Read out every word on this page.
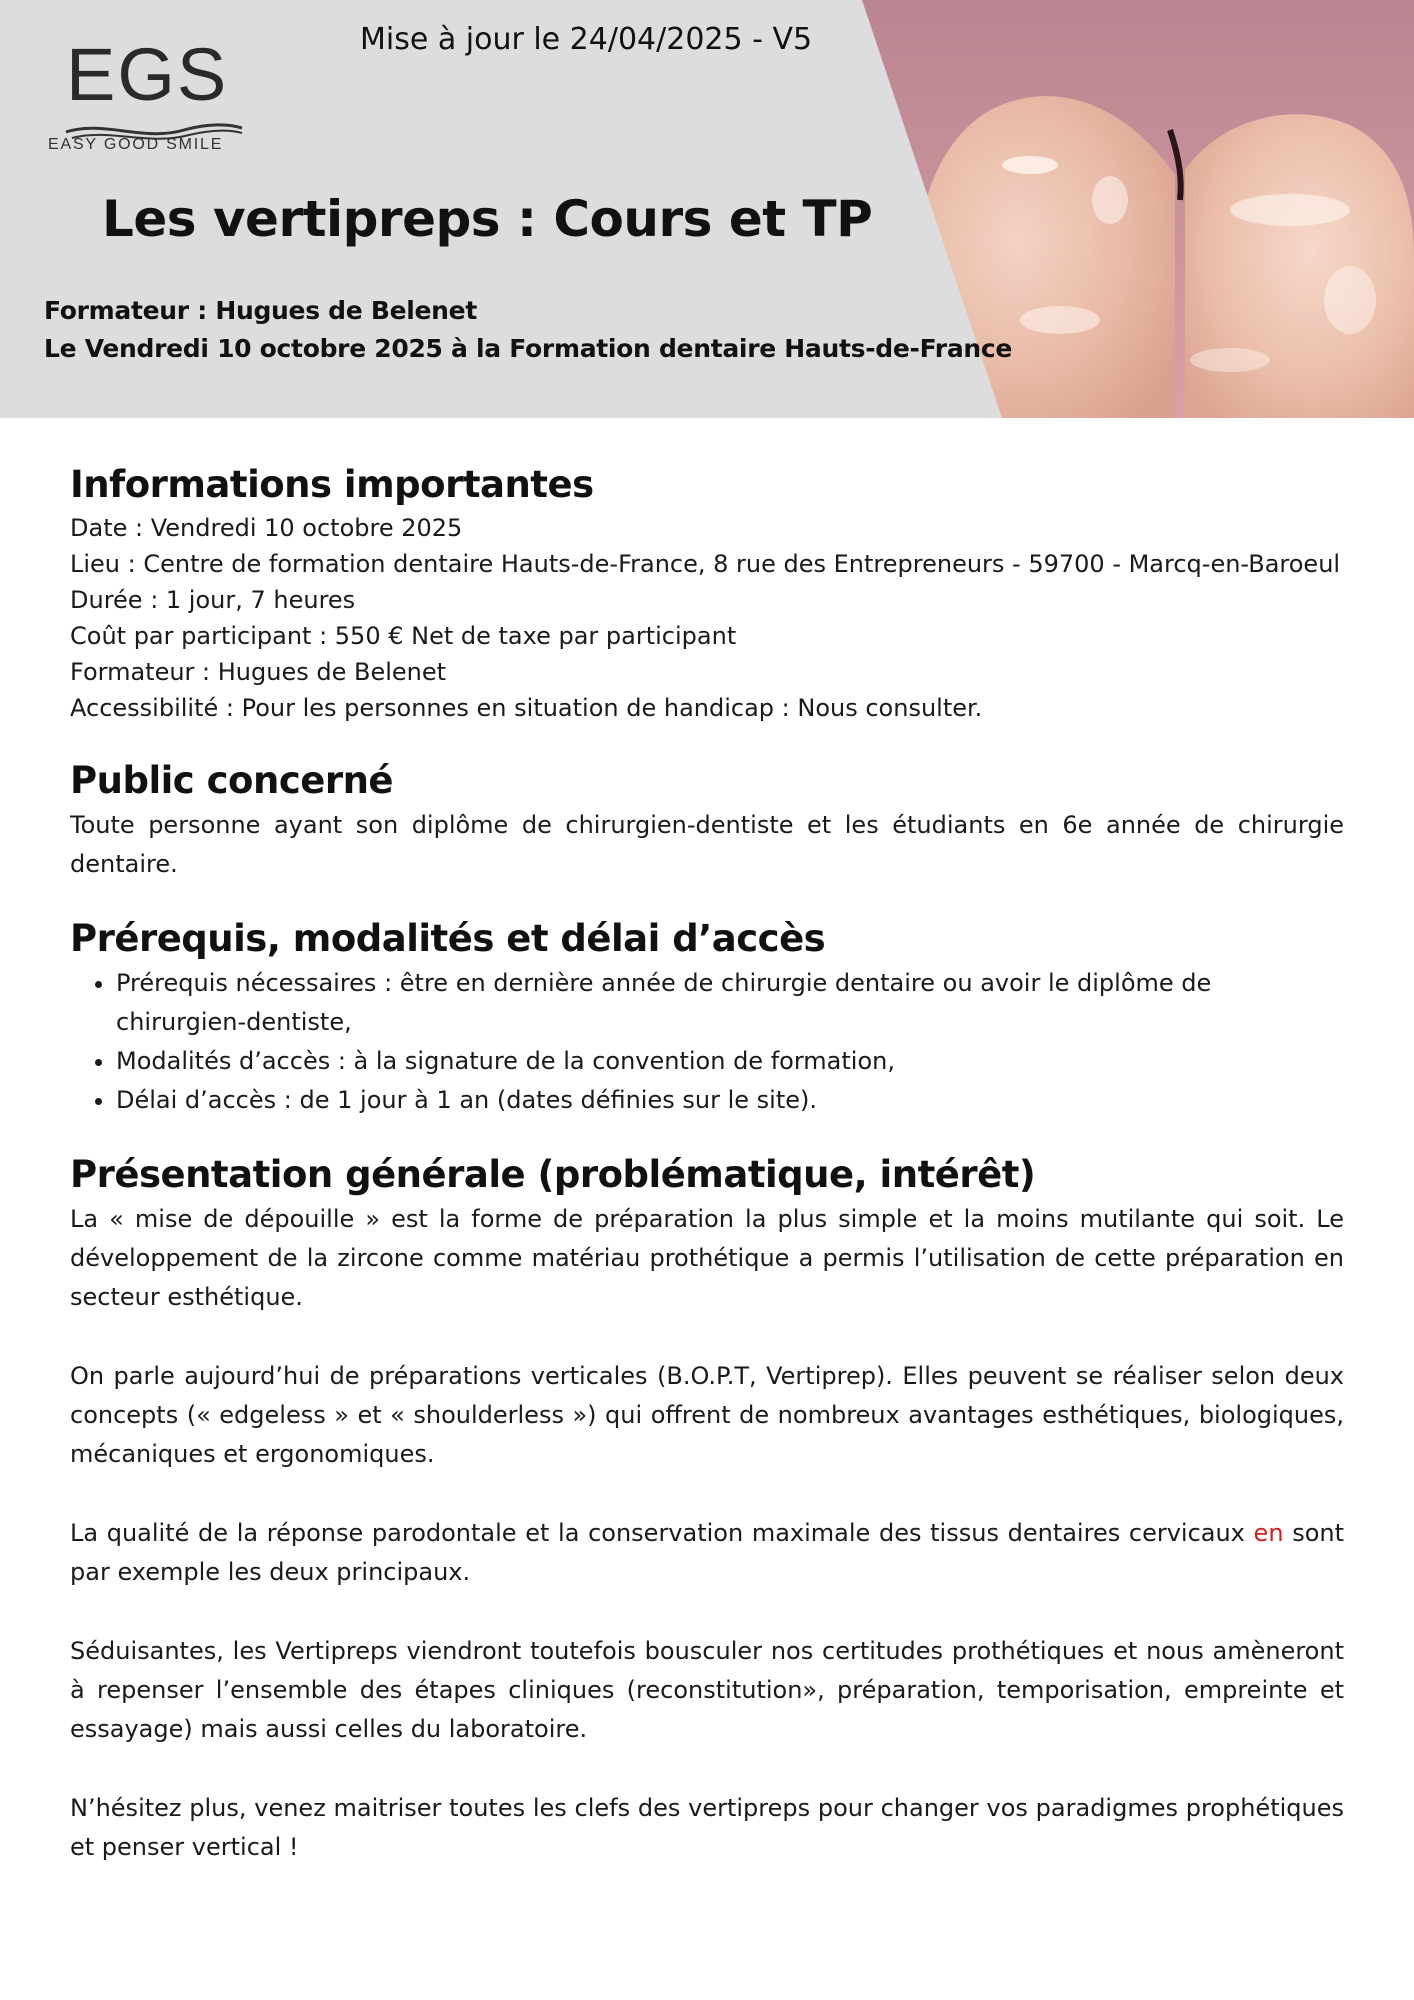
EGS
EASY GOOD SMILE
Mise à jour le 24/04/2025 - V5
Les vertipreps : Cours et TP
Formateur : Hugues de Belenet
Le Vendredi 10 octobre 2025 à la Formation dentaire Hauts-de-France
Informations importantes
Date : Vendredi 10 octobre 2025
Lieu : Centre de formation dentaire Hauts-de-France, 8 rue des Entrepreneurs - 59700 - Marcq-en-Baroeul
Durée : 1 jour, 7 heures
Coût par participant : 550 € Net de taxe par participant
Formateur : Hugues de Belenet
Accessibilité : Pour les personnes en situation de handicap : Nous consulter.
Public concerné

Toute personne ayant son diplôme de chirurgien-dentiste et les étudiants en 6e année de chirurgie dentaire.

Prérequis, modalités et délai d’accès
• Prérequis nécessaires : être en dernière année de chirurgie dentaire ou avoir le diplôme de chirurgien-dentiste,
• Modalités d’accès : à la signature de la convention de formation,
• Délai d’accès : de 1 jour à 1 an (dates définies sur le site).
Présentation générale (problématique, intérêt)

La « mise de dépouille » est la forme de préparation la plus simple et la moins mutilante qui soit. Le développement de la zircone comme matériau prothétique a permis l’utilisation de cette préparation en secteur esthétique.

On parle aujourd’hui de préparations verticales (B.O.P.T, Vertiprep). Elles peuvent se réaliser selon deux concepts (« edgeless » et « shoulderless ») qui offrent de nombreux avantages esthétiques, biologiques, mécaniques et ergonomiques.

La qualité de la réponse parodontale et la conservation maximale des tissus dentaires cervicaux en sont par exemple les deux principaux.

Séduisantes, les Vertipreps viendront toutefois bousculer nos certitudes prothétiques et nous amèneront à repenser l’ensemble des étapes cliniques (reconstitution», préparation, temporisation, empreinte et essayage) mais aussi celles du laboratoire.

N’hésitez plus, venez maitriser toutes les clefs des vertipreps pour changer vos paradigmes prophétiques et penser vertical !
